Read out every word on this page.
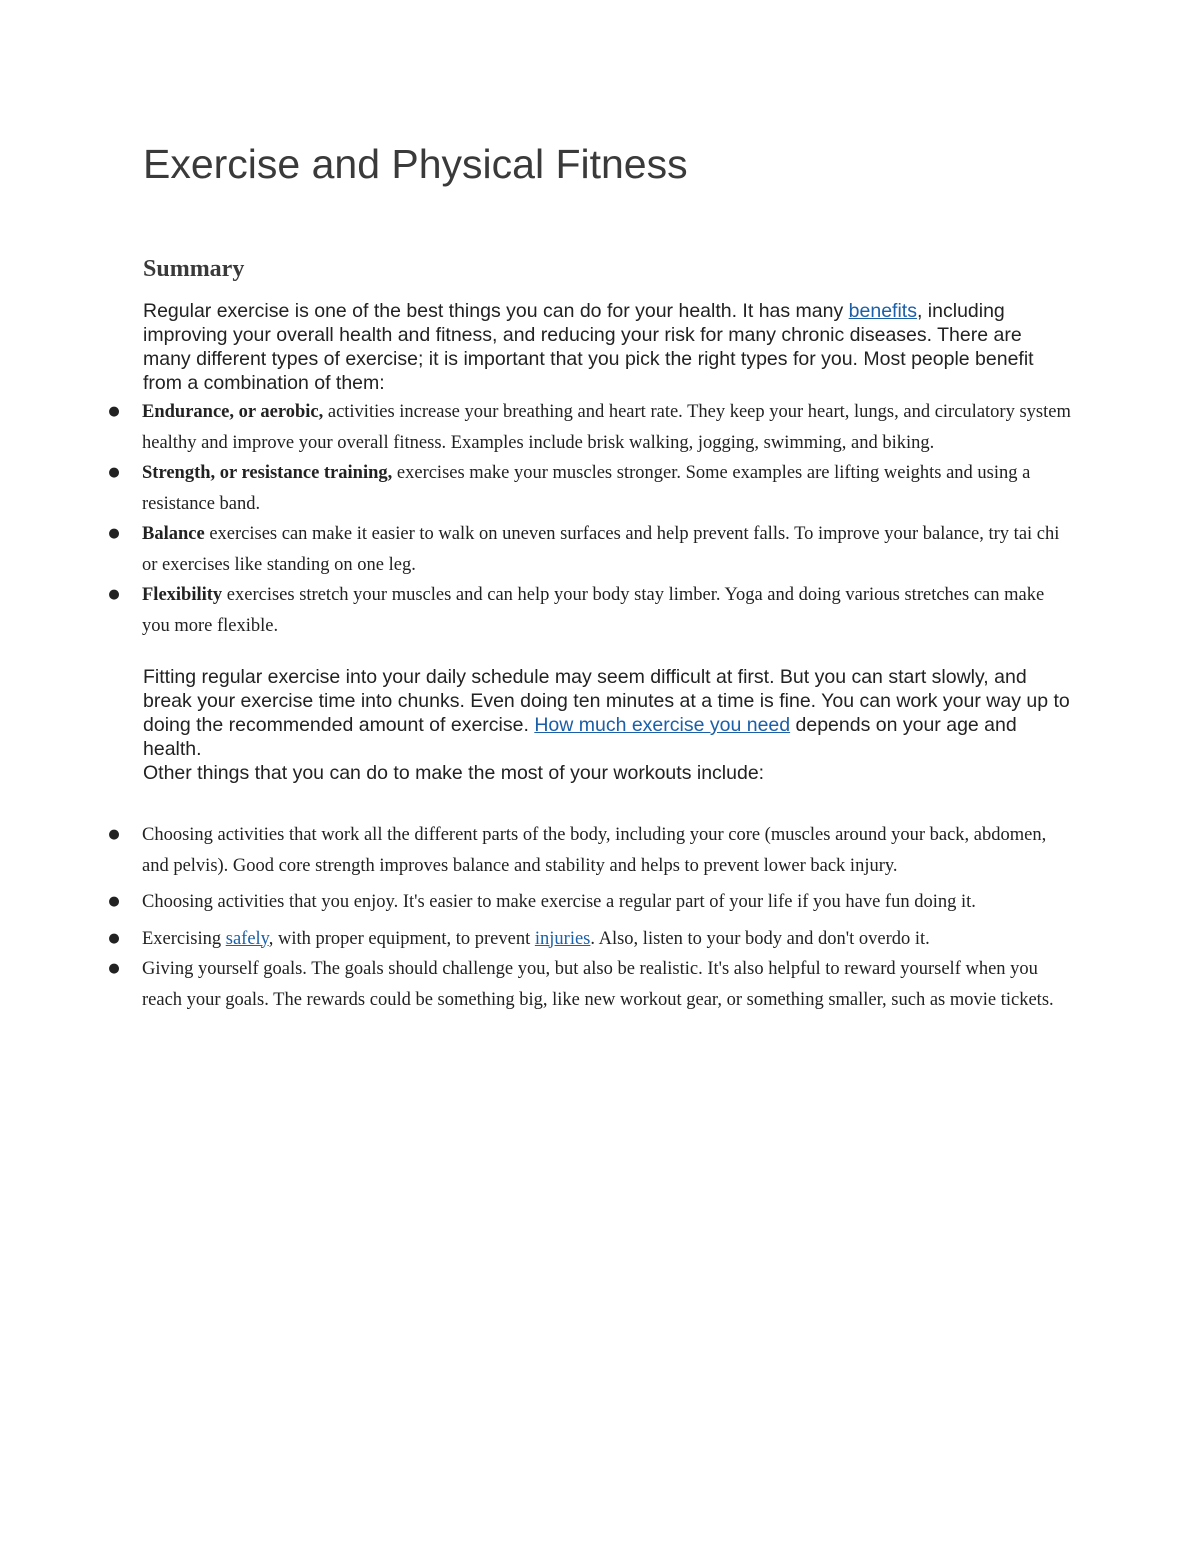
Exercise and Physical Fitness
Summary

Regular exercise is one of the best things you can do for your health. It has many benefits, including improving your overall health and fitness, and reducing your risk for many chronic diseases. There are many different types of exercise; it is important that you pick the right types for you. Most people benefit from a combination of them:

● Endurance, or aerobic, activities increase your breathing and heart rate. They keep your heart, lungs, and circulatory system healthy and improve your overall fitness. Examples include brisk walking, jogging, swimming, and biking.
● Strength, or resistance training, exercises make your muscles stronger. Some examples are lifting weights and using a resistance band.
● Balance exercises can make it easier to walk on uneven surfaces and help prevent falls. To improve your balance, try tai chi or exercises like standing on one leg.
● Flexibility exercises stretch your muscles and can help your body stay limber. Yoga and doing various stretches can make you more flexible.

Fitting regular exercise into your daily schedule may seem difficult at first. But you can start slowly, and break your exercise time into chunks. Even doing ten minutes at a time is fine. You can work your way up to doing the recommended amount of exercise. How much exercise you need depends on your age and health.

Other things that you can do to make the most of your workouts include:

● Choosing activities that work all the different parts of the body, including your core (muscles around your back, abdomen, and pelvis). Good core strength improves balance and stability and helps to prevent lower back injury.
● Choosing activities that you enjoy. It's easier to make exercise a regular part of your life if you have fun doing it.
● Exercising safely, with proper equipment, to prevent injuries. Also, listen to your body and don't overdo it.
● Giving yourself goals. The goals should challenge you, but also be realistic. It's also helpful to reward yourself when you reach your goals. The rewards could be something big, like new workout gear, or something smaller, such as movie tickets.
